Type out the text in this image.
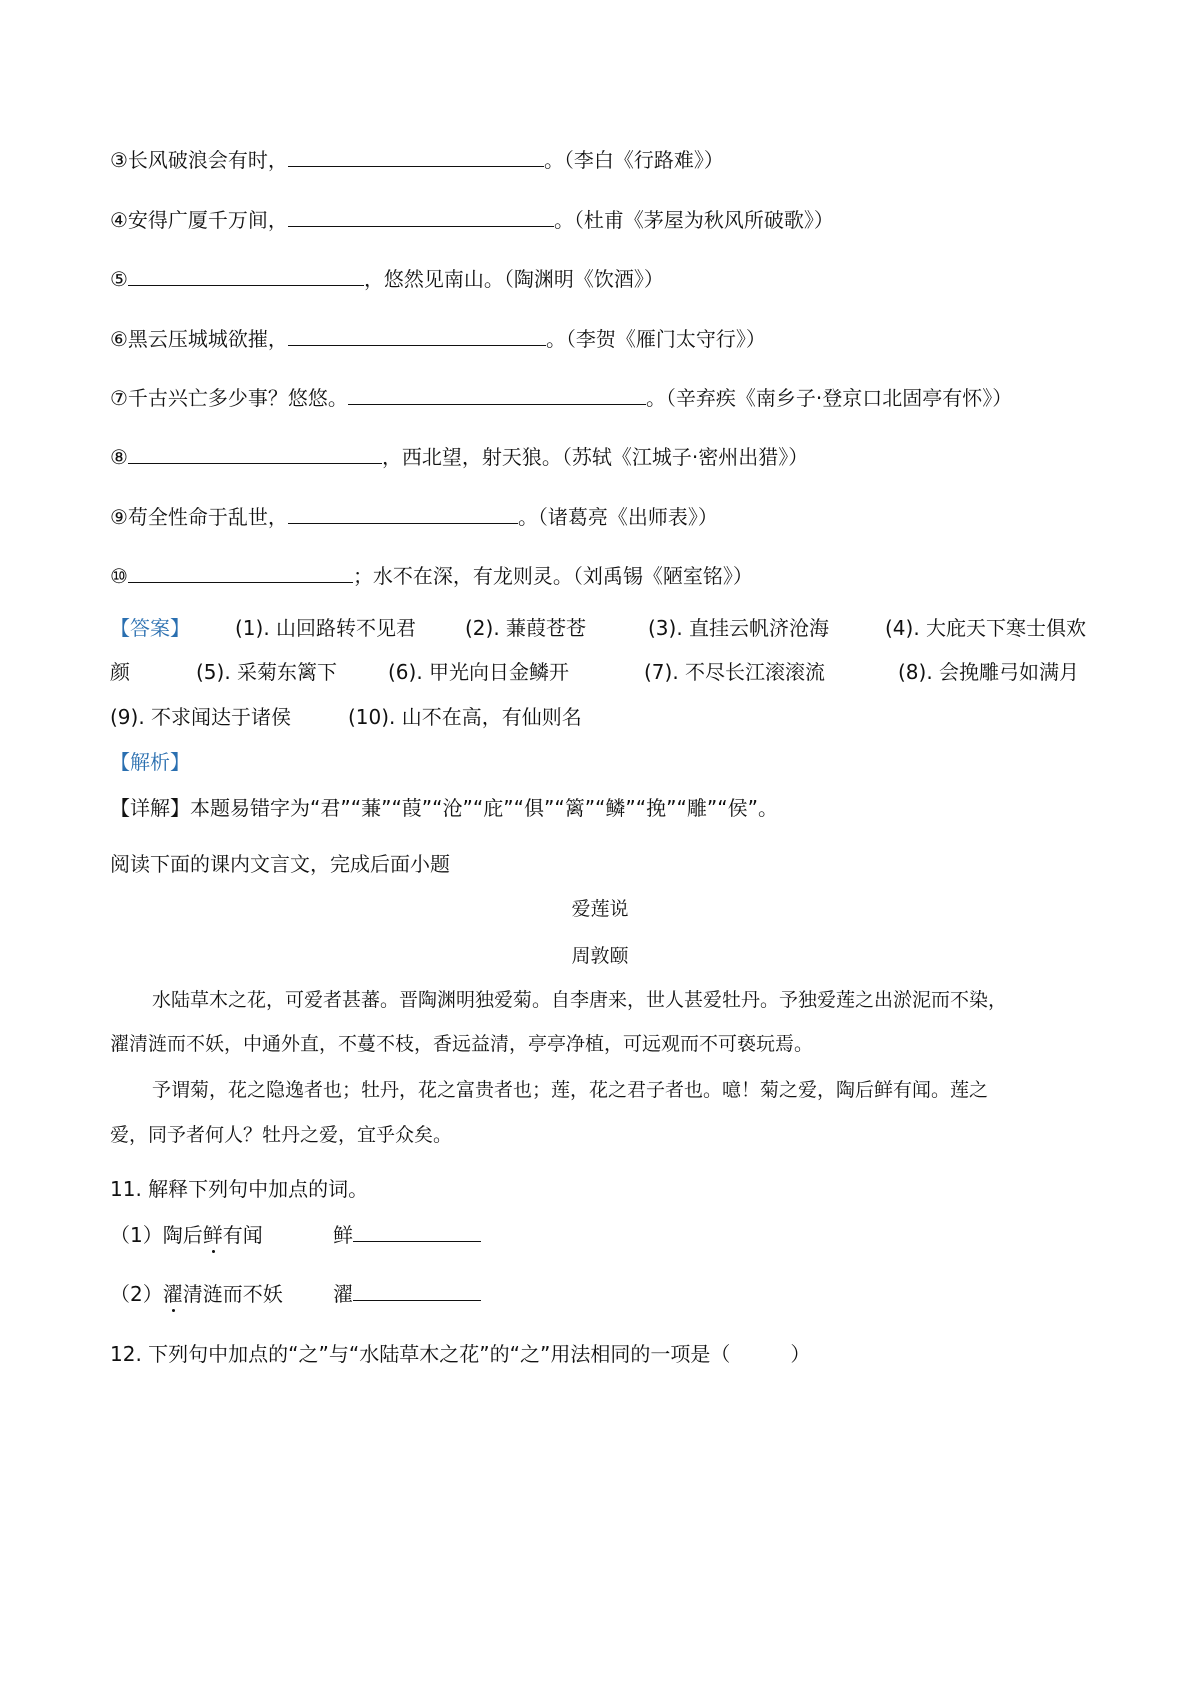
③长风破浪会有时，	。（李白《行路难》）
④安得广厦千万间，	。（杜甫《茅屋为秋风所破歌》）
⑤	，悠然见南山。（陶渊明《饮酒》）
⑥黑云压城城欲摧，	。（李贺《雁门太守行》）
⑦千古兴亡多少事？悠悠。	。（辛弃疾《南乡子·登京口北固亭有怀》）
⑧	，西北望，射天狼。（苏轼《江城子·密州出猎》）
⑨苟全性命于乱世，	。（诸葛亮《出师表》）
⑩	；水不在深，有龙则灵。（刘禹锡《陋室铭》）
【答案】 (1). 山回路转不见君 (2). 蒹葭苍苍	(3). 直挂云帆济沧海	(4). 大庇天下寒士俱欢
颜	(5). 采菊东篱下	(6). 甲光向日金鳞开	(7). 不尽长江滚滚流	(8). 会挽雕弓如满月
(9). 不求闻达于诸侯	(10). 山不在高，有仙则名
【解析】
【详解】本题易错字为“君”“蒹”“葭”“沧”“庇”“俱”“篱”“鳞”“挽”“雕”“侯”。
阅读下面的课内文言文，完成后面小题
爱莲说
周敦颐
水陆草木之花，可爱者甚蕃。晋陶渊明独爱菊。自李唐来，世人甚爱牡丹。予独爱莲之出淤泥而不染，
濯清涟而不妖，中通外直，不蔓不枝，香远益清，亭亭净植，可远观而不可亵玩焉。
予谓菊，花之隐逸者也；牡丹，花之富贵者也；莲，花之君子者也。噫！菊之爱，陶后鲜有闻。莲之
爱，同予者何人？牡丹之爱，宜乎众矣。
11. 解释下列句中加点的词。
（1）陶后鲜有闻	鲜
（2）濯清涟而不妖	濯
12. 下列句中加点的“之”与“水陆草木之花”的“之”用法相同的一项是（　　　）
